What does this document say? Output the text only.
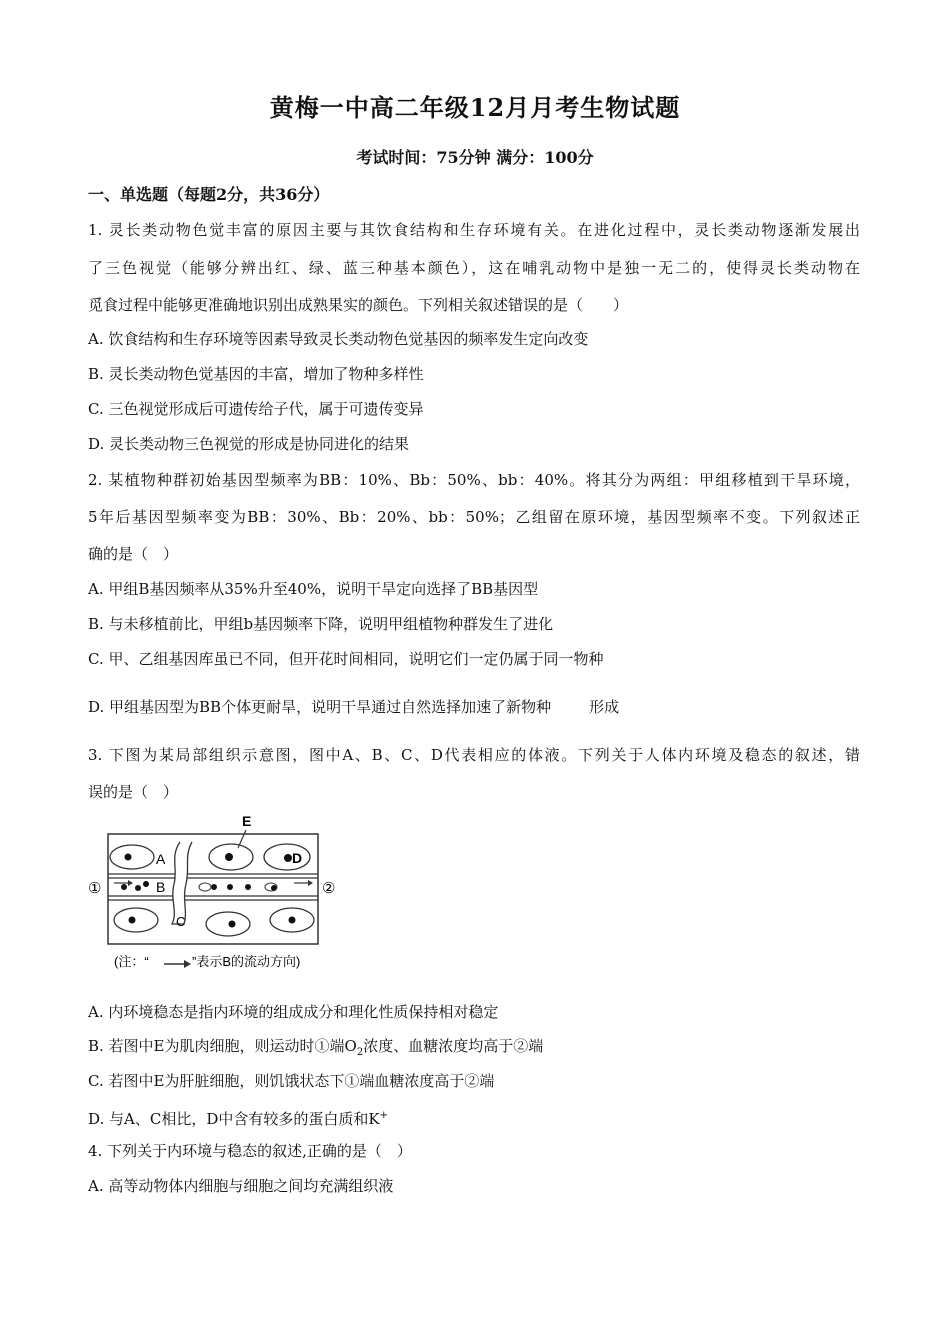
黄梅一中高二年级12月月考生物试题
考试时间：75分钟 满分：100分
一、单选题（每题2分，共36分）
1. 灵长类动物色觉丰富的原因主要与其饮食结构和生存环境有关。在进化过程中，灵长类动物逐渐发展出
了三色视觉（能够分辨出红、绿、蓝三种基本颜色），这在哺乳动物中是独一无二的，使得灵长类动物在
觅食过程中能够更准确地识别出成熟果实的颜色。下列相关叙述错误的是（　　）
A. 饮食结构和生存环境等因素导致灵长类动物色觉基因的频率发生定向改变
B. 灵长类动物色觉基因的丰富，增加了物种多样性
C. 三色视觉形成后可遗传给子代，属于可遗传变异
D. 灵长类动物三色视觉的形成是协同进化的结果
2. 某植物种群初始基因型频率为BB：10%、Bb：50%、bb：40%。将其分为两组：甲组移植到干旱环境，
5年后基因型频率变为BB：30%、Bb：20%、bb：50%；乙组留在原环境，基因型频率不变。下列叙述正
确的是（　）
A. 甲组B基因频率从35%升至40%，说明干旱定向选择了BB基因型
B. 与未移植前比，甲组b基因频率下降，说明甲组植物种群发生了进化
C. 甲、乙组基因库虽已不同，但开花时间相同，说明它们一定仍属于同一物种
D. 甲组基因型为BB个体更耐旱，说明干旱通过自然选择加速了新物种	形成
3. 下图为某局部组织示意图，图中A、B、C、D代表相应的体液。下列关于人体内环境及稳态的叙述，错
误的是（　）
E
A
B
C
D
①	②
(注：“	”表示B的流动方向)
A. 内环境稳态是指内环境的组成成分和理化性质保持相对稳定
B. 若图中E为肌肉细胞，则运动时①端$O_2$浓度、血糖浓度均高于②端
C. 若图中E为肝脏细胞，则饥饿状态下①端血糖浓度高于②端
D. 与A、C相比，D中含有较多的蛋白质和K+
4. 下列关于内环境与稳态的叙述,正确的是（　）
A. 高等动物体内细胞与细胞之间均充满组织液
